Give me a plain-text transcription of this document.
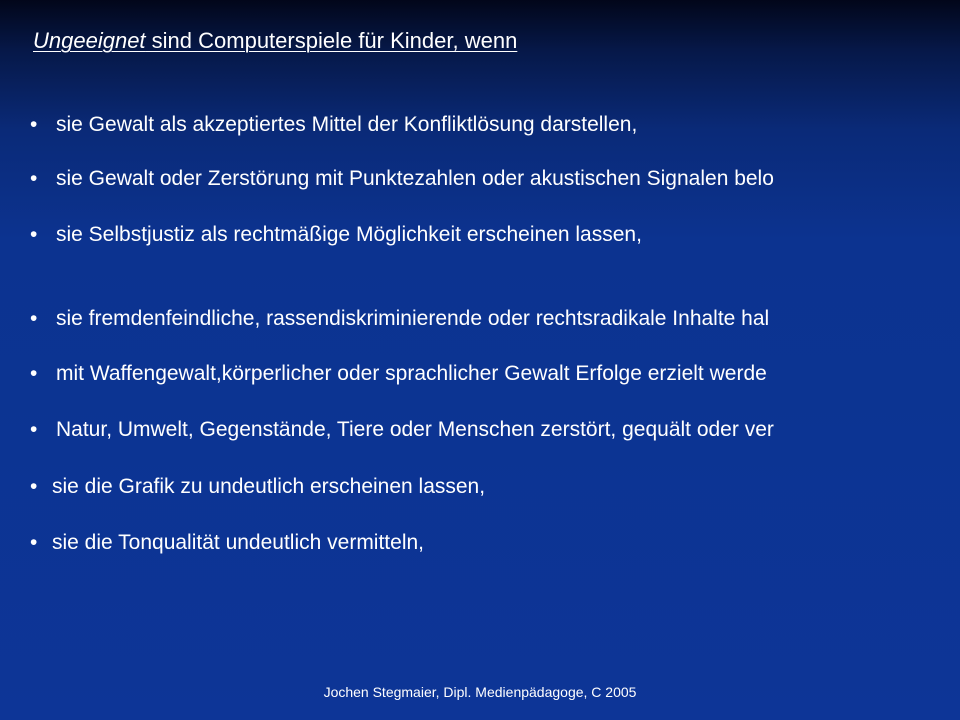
Ungeeignet sind Computerspiele für Kinder, wenn
• sie Gewalt als akzeptiertes Mittel der Konfliktlösung darstellen,
• sie Gewalt oder Zerstörung mit Punktezahlen oder akustischen Signalen belo
• sie Selbstjustiz als rechtmäßige Möglichkeit erscheinen lassen,
• sie fremdenfeindliche, rassendiskriminierende oder rechtsradikale Inhalte hal
• mit Waffengewalt,körperlicher oder sprachlicher Gewalt Erfolge erzielt werde
• Natur, Umwelt, Gegenstände, Tiere oder Menschen zerstört, gequält oder ver
• sie die Grafik zu undeutlich erscheinen lassen,
• sie die Tonqualität undeutlich vermitteln,
Jochen Stegmaier, Dipl. Medienpädagoge, C 2005
